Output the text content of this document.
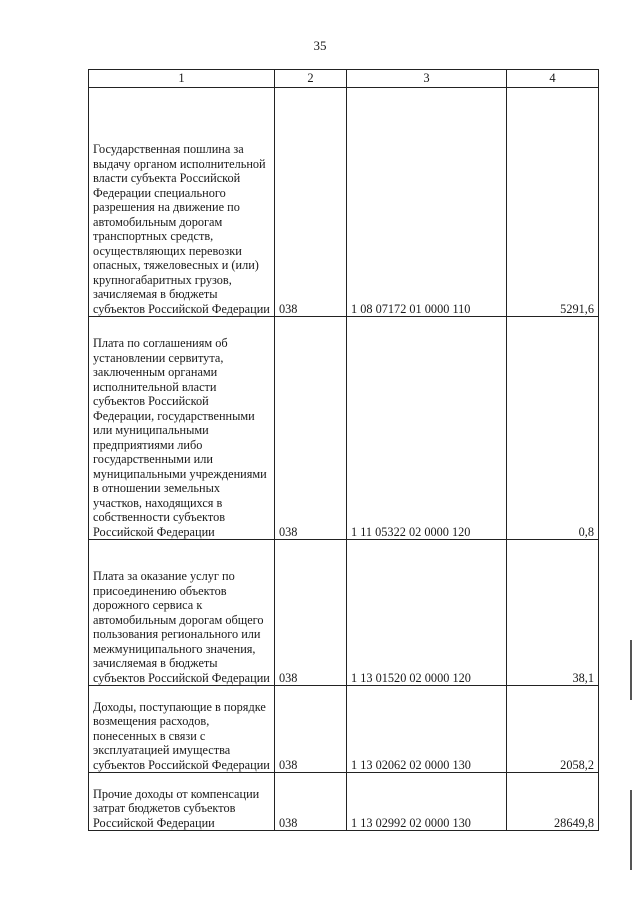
35
1	2	3	4
Государственная пошлина за выдачу органом исполнительной власти субъекта Российской Федерации специального разрешения на движение по автомобильным дорогам транспортных средств, осуществляющих перевозки опасных, тяжеловесных и (или) крупногабаритных грузов, зачисляемая в бюджеты субъектов Российской Федерации	038	1 08 07172 01 0000 110	5291,6
Плата по соглашениям об установлении сервитута, заключенным органами исполнительной власти субъектов Российской Федерации, государственными или муниципальными предприятиями либо государственными или муниципальными учреждениями в отношении земельных участков, находящихся в собственности субъектов Российской Федерации	038	1 11 05322 02 0000 120	0,8
Плата за оказание услуг по присоединению объектов дорожного сервиса к автомобильным дорогам общего пользования регионального или межмуниципального значения, зачисляемая в бюджеты субъектов Российской Федерации	038	1 13 01520 02 0000 120	38,1
Доходы, поступающие в порядке возмещения расходов, понесенных в связи с эксплуатацией имущества субъектов Российской Федерации	038	1 13 02062 02 0000 130	2058,2
Прочие доходы от компенсации затрат бюджетов субъектов Российской Федерации	038	1 13 02992 02 0000 130	28649,8
